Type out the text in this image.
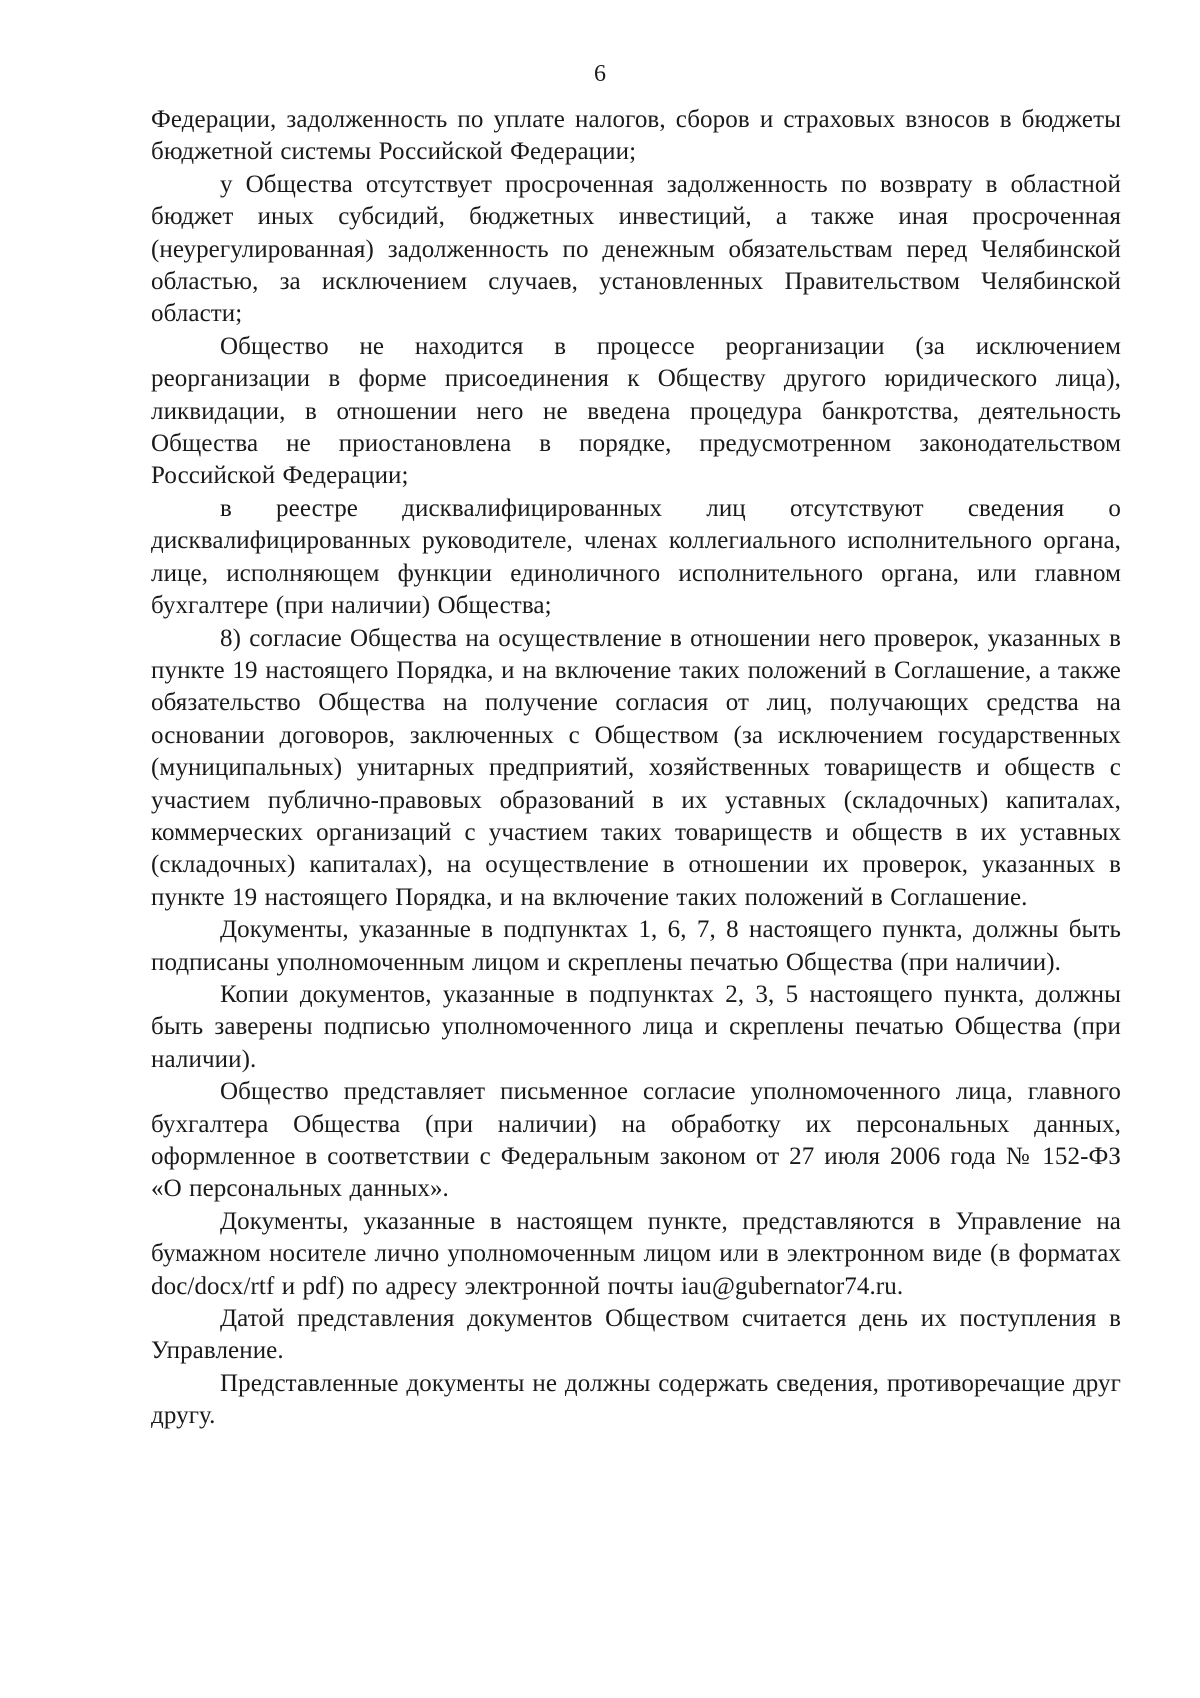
6

Федерации, задолженность по уплате налогов, сборов и страховых взносов в бюджеты бюджетной системы Российской Федерации;

у Общества отсутствует просроченная задолженность по возврату в областной бюджет иных субсидий, бюджетных инвестиций, а также иная просроченная (неурегулированная) задолженность по денежным обязательствам перед Челябинской областью, за исключением случаев, установленных Правительством Челябинской области;

Общество не находится в процессе реорганизации (за исключением реорганизации в форме присоединения к Обществу другого юридического лица), ликвидации, в отношении него не введена процедура банкротства, деятельность Общества не приостановлена в порядке, предусмотренном законодательством Российской Федерации;

в реестре дисквалифицированных лиц отсутствуют сведения о дисквалифицированных руководителе, членах коллегиального исполнительного органа, лице, исполняющем функции единоличного исполнительного органа, или главном бухгалтере (при наличии) Общества;

8) согласие Общества на осуществление в отношении него проверок, указанных в пункте 19 настоящего Порядка, и на включение таких положений в Соглашение, а также обязательство Общества на получение согласия от лиц, получающих средства на основании договоров, заключенных с Обществом (за исключением государственных (муниципальных) унитарных предприятий, хозяйственных товариществ и обществ с участием публично-правовых образований в их уставных (складочных) капиталах, коммерческих организаций с участием таких товариществ и обществ в их уставных (складочных) капиталах), на осуществление в отношении их проверок, указанных в пункте 19 настоящего Порядка, и на включение таких положений в Соглашение.

Документы, указанные в подпунктах 1, 6, 7, 8 настоящего пункта, должны быть подписаны уполномоченным лицом и скреплены печатью Общества (при наличии).

Копии документов, указанные в подпунктах 2, 3, 5 настоящего пункта, должны быть заверены подписью уполномоченного лица и скреплены печатью Общества (при наличии).

Общество представляет письменное согласие уполномоченного лица, главного бухгалтера Общества (при наличии) на обработку их персональных данных, оформленное в соответствии с Федеральным законом от 27 июля 2006 года № 152-ФЗ «О персональных данных».

Документы, указанные в настоящем пункте, представляются в Управление на бумажном носителе лично уполномоченным лицом или в электронном виде (в форматах doc/docx/rtf и pdf) по адресу электронной почты iau@gubernator74.ru.

Датой представления документов Обществом считается день их поступления в Управление.

Представленные документы не должны содержать сведения, противоречащие друг другу.
